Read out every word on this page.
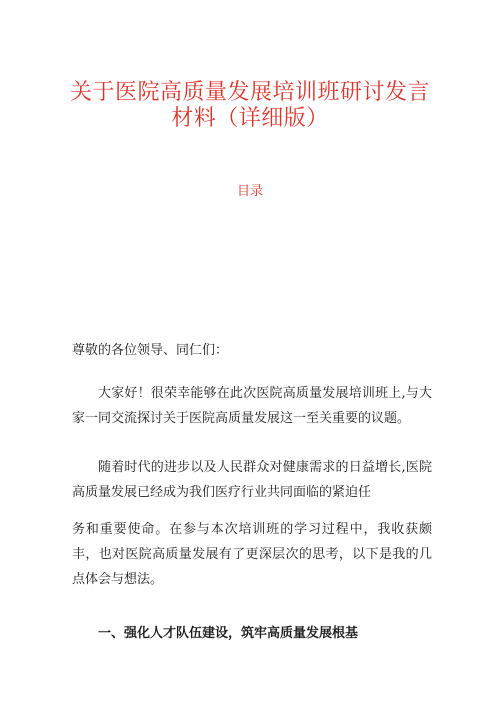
关于医院高质量发展培训班研讨发言材料（详细版）
目录
尊敬的各位领导、同仁们：
大家好！很荣幸能够在此次医院高质量发展培训班上,与大家一同交流探讨关于医院高质量发展这一至关重要的议题。
随着时代的进步以及人民群众对健康需求的日益增长,医院高质量发展已经成为我们医疗行业共同面临的紧迫任
务和重要使命。在参与本次培训班的学习过程中，我收获颇丰，也对医院高质量发展有了更深层次的思考，以下是我的几点体会与想法。
一、强化人才队伍建设，筑牢高质量发展根基
